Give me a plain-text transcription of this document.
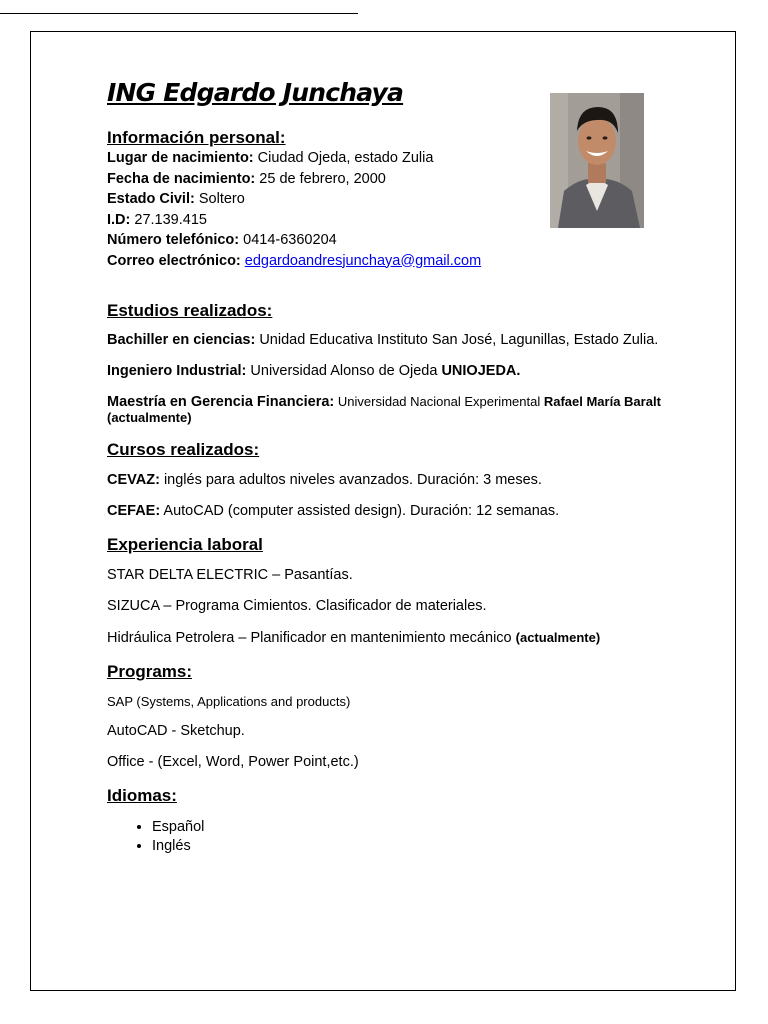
ING Edgardo Junchaya
Información personal:
Lugar de nacimiento: Ciudad Ojeda, estado Zulia
Fecha de nacimiento: 25 de febrero, 2000
Estado Civil: Soltero
I.D: 27.139.415
Número telefónico: 0414-6360204
Correo electrónico: edgardoandresjunchaya@gmail.com
Estudios realizados:
Bachiller en ciencias: Unidad Educativa Instituto San José, Lagunillas, Estado Zulia.
Ingeniero Industrial: Universidad Alonso de Ojeda UNIOJEDA.
Maestría en Gerencia Financiera: Universidad Nacional Experimental Rafael María Baralt (actualmente)
Cursos realizados:
CEVAZ: inglés para adultos niveles avanzados. Duración: 3 meses.
CEFAE: AutoCAD (computer assisted design). Duración: 12 semanas.
Experiencia laboral
STAR DELTA ELECTRIC – Pasantías.
SIZUCA – Programa Cimientos. Clasificador de materiales.
Hidráulica Petrolera – Planificador en mantenimiento mecánico (actualmente)
Programs:
SAP (Systems, Applications and products)
AutoCAD - Sketchup.
Office - (Excel, Word, Power Point,etc.)
Idiomas:
• Español
• Inglés
